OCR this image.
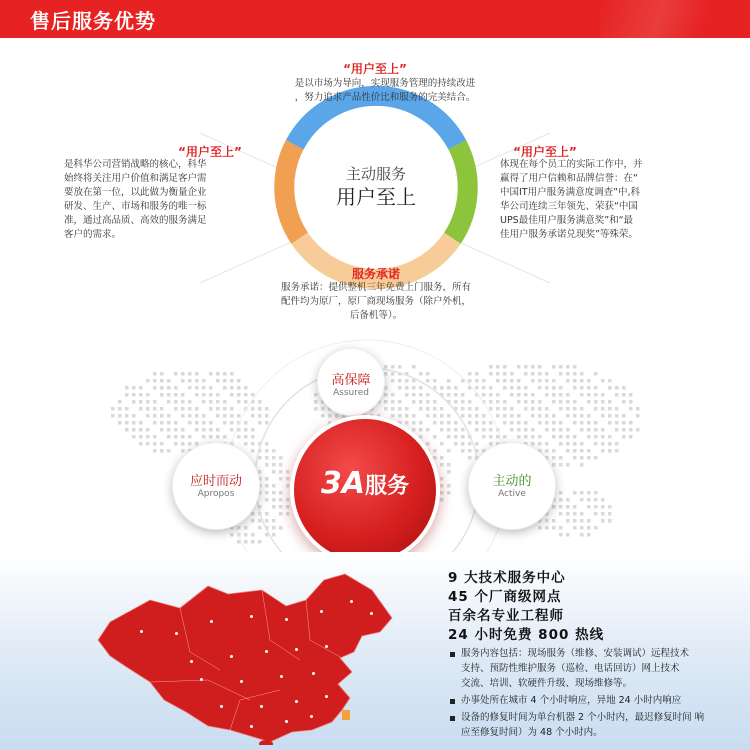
售后服务优势
“用户至上”
是以市场为导向，实现服务管理的持续改进
，努力追求产品性价比和服务的完美结合。
主动服务
用户至上
“用户至上”
是科华公司营销战略的核心，科华
始终将关注用户价值和满足客户需
要放在第一位，以此做为衡量企业
研发、生产、市场和服务的唯一标
准，通过高品质、高效的服务满足
客户的需求。
“用户至上”
体现在每个员工的实际工作中，并
赢得了用户信赖和品牌信誉：在“
中国IT用户服务满意度调查”中,科
华公司连续三年领先、荣获“中国
UPS最佳用户服务满意奖”和“最
佳用户服务承诺兑现奖”等殊荣。
服务承诺
服务承诺：提供整机三年免费上门服务，所有
配件均为原厂，原厂商现场服务（除户外机，
后备机等）。
高保障
Assured
应时而动
Apropos
主动的
Active
3A服务
9 大技术服务中心
45 个厂商级网点
百余名专业工程师
24 小时免费 800 热线
服务内容包括：现场服务（维修、安装调试）远程技术
支持、预防性维护服务（巡检、电话回访）网上技术
交流、培训、软硬件升级、现场维修等。
办事处所在城市 4 个小时响应，异地 24 小时内响应
设备的修复时间为单台机器 2 个小时内，最迟修复时间 响
应至修复时间）为 48 个小时内。
